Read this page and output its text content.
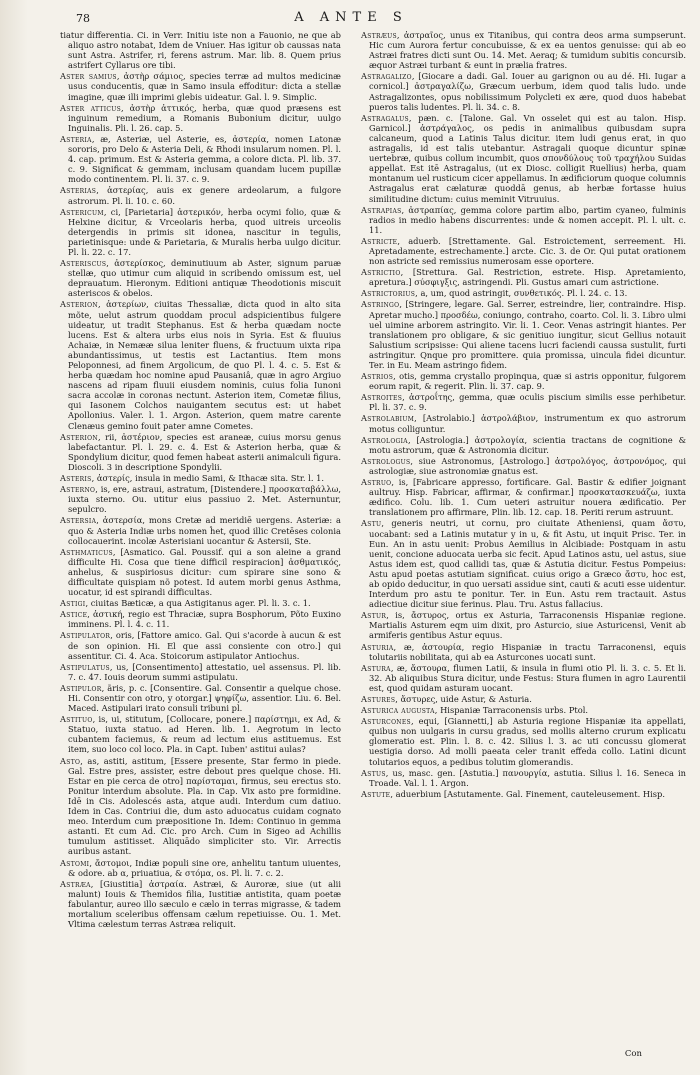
78	A ANTE S

tiatur differentia. Ci. in Verr. Initiu iste non a Fauonio, ne que ab aliquo astro notabat, Idem de Vniuer. Has igitur ob caussas nata sunt Astra. Astrifer, ri, ferens astrum. Mar. lib. 8. Quem prius astrifert Cyllarus ore tibi.

Aster samius, ἀστὴρ σάμιος, species terræ ad multos medicinæ usus conducentis, quæ in Samo insula effoditur: dicta a stellæ imagine, quæ illi imprimi glebis uideatur. Gal. l. 9. Simplic.

Aster atticus, ἀστὴρ ἀττικός, herba, quæ quod præsens est inguinum remedium, a Romanis Bubonium dicitur, uulgo Inguinalis. Pli. l. 26. cap. 5.

Asteria, æ, Asteriæ, uel Asterie, es, ἀστερία, nomen Latonæ sororis, pro Delo & Asteria Deli, & Rhodi insularum nomen. Pl. l. 4. cap. primum. Est & Asteria gemma, a colore dicta. Pl. lib. 37. c. 9. Significat & gemmam, inclusam quandam lucem pupillæ modo continentem. Pl. li. 37. c. 9.

Asterias, ἀστερίας, auis ex genere ardeolarum, a fulgore astrorum. Pl. li. 10. c. 60.

Astericum, ci, [Parietaria] ἀστερικόν, herba ocymi folio, quæ & Helxine dicitur, & Vrceolaris herba, quod uitreis urceolis detergendis in primis sit idonea, nascitur in tegulis, parietinisque: unde & Parietaria, & Muralis herba uulgo dicitur. Pl. li. 22. c. 17.

Asteriscus, ἀστερίσκος, deminutiuum ab Aster, signum paruæ stellæ, quo utimur cum aliquid in scribendo omissum est, uel deprauatum. Hieronym. Editioni antiquæ Theodotionis miscuit asteriscos & obelos.

Asterion, ἀστερίων, ciuitas Thessaliæ, dicta quod in alto sita mõte, uelut astrum quoddam procul adspicientibus fulgere uideatur, ut tradit Stephanus. Est & herba quædam nocte lucens. Est & altera urbs eius nois in Syria. Est & fluuius Achaiæ, in Nemææ silua leniter fluens, & fructuum uixta ripa abundantissimus, ut testis est Lactantius. Item mons Peloponnesi, ad finem Argolicum, de quo Pl. l. 4. c. 5. Est & herba quædam hoc nomine apud Pausaniâ, quæ in agro Argiuo nascens ad ripam fluuii eiusdem nominis, cuius folia Iunoni sacra accolæ in coronas nectunt. Asterion item, Cometæ filius, qui Iasonem Colchos nauigantem secutus est: ut habet Apollonius. Valer. l. 1. Argon. Asterion, quem matre carente Clenæus gemino fouit pater amne Cometes.

Asterion, rii, ἀστέριον, species est araneæ, cuius morsu genus labefactantur. Pl. l. 29. c. 4. Est & Asterion herba, quæ & Spondylium dicitur, quod femen habeat asterii animalculi figura. Dioscoli. 3 in descriptione Spondylii.

Asteris, ἀστερίς, insula in medio Sami, & Ithacæ sita. Str. l. 1.

Asterno, is, ere, astraui, astratum, [Distendere.] προσκαταβάλλω, iuxta sterno. Ou. utitur eius passiuo 2. Met. Asternuntur, sepulcro.

Astersia, ἀστερσία, mons Cretæ ad meridiē uergens. Asteriæ: a quo & Asteria Indiæ urbs nomen ĥet, quod illic Cretēses colonia collocauerint. incolæ Asterisiani uocantur & Astersii, Ste.

Asthmaticus, [Asmatico. Gal. Poussif. qui a son aleine a grand difficulte Hi. Cosa que tiene difficil respiracion] ἀσθματικός, anhelus, & suspiriosus dicitur: cum spirare sine sono & difficultate quispiam nõ potest. Id autem morbi genus Asthma, uocatur, id est spirandi difficultas.

Astigi, ciuitas Bæticæ, a qua Astigitanus ager. Pl. li. 3. c. 1.

Astice, ἀστική, regio est Thraciæ, supra Bosphorum, Põto Euxino imminens. Pl. l. 4. c. 11.

Astipulator, oris, [Fattore amico. Gal. Qui s'acorde à aucun & est de son opinion. Hi. El que assi consiente con otro.] qui assentitur. Ci. 4. Aca. Stoicorum astipulator Antiochus.

Astipulatus, us, [Consentimento] attestatio, uel assensus. Pl. lib. 7. c. 47. Iouis deorum summi astipulatu.

Astipulor, ãris, p. c. [Consentire. Gal. Consentir a quelque chose. Hi. Consentir con otro, y otorgar.] ψηφίζω, assentior. Liu. 6. Bel. Maced. Astipulari irato consuli tribuni pl.

Astituo, is, ui, stitutum, [Collocare, ponere.] παρίστημι, ex Ad, & Statuo, iuxta statuo. ad Heren. lib. 1. Aegrotum in lecto cubantem faciemus, & reum ad lectum eius astituemus. Est item, suo loco col loco. Pla. in Capt. Iuben' astitui aulas?

Asto, as, astiti, astitum, [Essere presente, Star fermo in piede. Gal. Estre pres, assister, estre debout pres quelque chose. Hi. Estar en pie cerca de otro] παρίσταμαι, firmus, seu erectus sto. Ponitur interdum absolute. Pla. in Cap. Vix asto pre formidine. Idē in Cis. Adolescés asta, atque audi. Interdum cum datiuo. Idem in Cas. Contriui die, dum asto aduocatus cuidam cognato meo. Interdum cum præpositione In. Idem: Continuo in gemma astanti. Et cum Ad. Cic. pro Arch. Cum in Sigeo ad Achillis tumulum astitisset. Aliquādo simpliciter sto. Vir. Arrectis auribus astant.

Astomi, ἄστομοι, Indiæ populi sine ore, anhelitu tantum uiuentes, & odore. ab α, priuatiua, & στόμα, os. Pl. li. 7. c. 2.

Astræa, [Giustitia] ἀστραία. Astræi, & Auroræ, siue (ut alii malunt) Iouis & Themidos filia, Iustitiæ antistita, quam poetæ fabulantur, aureo illo sæculo e cælo in terras migrasse, & tadem mortalium sceleribus offensam cælum repetiuisse. Ou. 1. Met. Vltima cælestum terras Astræa reliquit.

Astræus, ἀστραῖος, unus ex Titanibus, qui contra deos arma sumpserunt. Hic cum Aurora fertur concubuisse, & ex ea uentos genuisse: qui ab eo Astræi fratres dicti sunt Ou. 14. Met. Aeraq; & tumidum subitis concursib. æquor Astræi turbant & eunt in prælia fratres.

Astragalizo, [Giocare a dadi. Gal. Iouer au garignon ou au dé. Hi. Iugar a cornicol.] ἀστραγαλίζω, Græcum uerbum, idem quod talis ludo. unde Astragalizontes, opus nobilissimum Polycleti ex ære, quod duos habebat pueros talis ludentes. Pl. li. 34. c. 8.

Astragalus, pæn. c. [Talone. Gal. Vn osselet qui est au talon. Hisp. Garnicol.] ἀστράγαλος, os pedis in animalibus quibusdam supra calcaneum, quod a Latinis Talus dicitur. item ludi genus erat, in quo astragalis, id est talis utebantur. Astragali quoque dicuntur spinæ uertebræ, quibus collum incumbit, quos σπονδύλους τοῦ τραχήλου Suidas appellat. Est itē Astragalus, (ut ex Diosc. colligit Ruellius) herba, quam montanum uel rusticum cicer appellamus. In ædificiorum quoque columnis Astragalus erat cælaturæ quoddā genus, ab herbæ fortasse huius similitudine dictum: cuius meminit Vitruuius.

Astrapias, ἀστραπίας, gemma colore partim albo, partim cyaneo, fulminis radios in medio habens discurrentes: unde & nomen accepit. Pl. l. ult. c. 11.

Astricte, aduerb. [Strettamente. Gal. Estroictement, serreement. Hi. Apretadamente, estrechamente.] arcte. Cic. 3. de Or. Qui putat orationem non astricte sed remissius numerosam esse oportere.

Astrictio, [Strettura. Gal. Restriction, estrete. Hisp. Apretamiento, apretura.] σύσφιγξις, astringendi. Pli. Gustus amari cum astrictione.

Astrictorius, a, um, quod astringit, συνθετικός. Pl. l. 24. c. 13.

Astringo, [Stringere, legare. Gal. Serrer, estreindre, lier, contraindre. Hisp. Apretar mucho.] προσδέω, coniungo, contraho, coarto. Col. li. 3. Libro ulmi uel uimine arborem astringito. Vir. li. 1. Ceor. Venas astringit hiantes. Per translationem pro obligare, & sic genitiuo iungitur, sicut Gellius notauit Salustium scripsisse: Qui aliene tacens lucri faciendi caussa sustulit, furti astringitur. Qnque pro promittere. quia promissa, uincula fidei dicuntur. Ter. in Eu. Meam astringo fidem.

Astrios, otis, gemma crystallo propinqua, quæ si astris opponitur, fulgorem eorum rapit, & regerit. Plin. li. 37. cap. 9.

Astroites, ἀστροΐτης, gemma, quæ oculis piscium similis esse perhibetur. Pl. li. 37. c. 9.

Astrolabium, [Astrolabio.] ἀστρολάβιον, instrumentum ex quo astrorum motus colliguntur.

Astrologia, [Astrologia.] ἀστρολογία, scientia tractans de cognitione & motu astrorum, quæ & Astronomia dicitur.

Astrologus, siue Astronomus, [Astrologo.] ἀστρολόγος, ἀστρονόμος, qui astrologiæ, siue astronomiæ gnatus est.

Astruo, is, [Fabricare appresso, fortificare. Gal. Bastir & edifier joignant aultruy. Hisp. Fabricar, affirmar, & confirmar.] προσκατασκευάζω, iuxta ædifico. Colu. lib. 1. Cum ueteri astruitur nouera ædificatio. Per translationem pro affirmare, Plin. lib. 12. cap. 18. Periti rerum astruunt.

Astu, generis neutri, ut cornu, pro ciuitate Atheniensi, quam ἄστυ, uocabant: sed a Latinis mutatur y in u, & fit Astu, ut inquit Prisc. Ter. in Eun. An in astu uenit: Probus Aemilius in Alcibiade: Postquam in astu uenit, concione aduocata uerba sic fecit. Apud Latinos astu, uel astus, siue Astus idem est, quod callidi tas, quæ & Astutia dicitur. Festus Pompeius: Astu apud poetas astutiam significat. cuius origo a Græco ἄστυ, hoc est, ab opido deducitur, in quo uersati assidue sint, cauti & acuti esse uidentur. Interdum pro astu te ponitur. Ter. in Eun. Astu rem tractauit. Astus adiectiue dicitur siue ferinus. Plau. Tru. Astus fallacius.

Astur, is, ἄστυρος, ortus ex Asturia, Tarraconensis Hispaniæ regione. Martialis Asturem eqm uim dixit, pro Asturcio, siue Asturicensi, Venit ab armiferis gentibus Astur equus.

Asturia, æ, ἀστουρία, regio Hispaniæ in tractu Tarraconensi, equis tolutariis nobilitata, qui ab ea Asturcones uocati sunt.

Astura, æ, ἄστουρα, flumen Latii, & insula in flumi otio Pl. li. 3. c. 5. Et li. 32. Ab aliquibus Stura dicitur, unde Festus: Stura flumen in agro Laurentii est, quod quidam asturam uocant.

Astures, ἄστυρες, uide Astur, & Asturia.

Asturica augusta, Hispaniæ Tarraconensis urbs. Ptol.

Asturcones, equi, [Giannetti,] ab Asturia regione Hispaniæ ita appellati, quibus non uulgaris in cursu gradus, sed mollis alterno crurum explicatu glomeratio est. Plin. l. 8. c. 42. Silius l. 3. ac uti concussu glomerat uestigia dorso. Ad molli paeata celer tranit effeda collo. Latini dicunt tolutarios equos, a pedibus tolutim glomerandis.

Astus, us, masc. gen. [Astutia.] πανουργία, astutia. Silius l. 16. Seneca in Troade. Val. l. 1. Argon.

Astute, aduerbium [Astutamente. Gal. Finement, cauteleusement. Hisp.

Con
